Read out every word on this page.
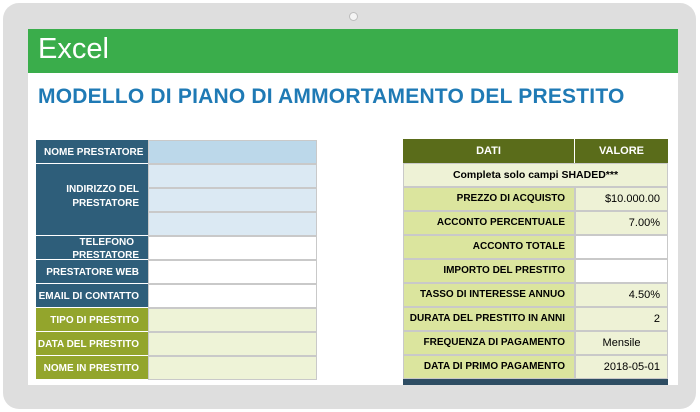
Excel
MODELLO DI PIANO DI AMMORTAMENTO DEL PRESTITO
NOME PRESTATORE
INDIRIZZO DEL
PRESTATORE
TELEFONO
PRESTATORE
PRESTATORE WEB
EMAIL DI CONTATTO
TIPO DI PRESTITO
DATA DEL PRESTITO
NOME IN PRESTITO
DATI	VALORE
Completa solo campi SHADED***
PREZZO DI ACQUISTO	$10.000.00
ACCONTO PERCENTUALE	7.00%
ACCONTO TOTALE
IMPORTO DEL PRESTITO
TASSO DI INTERESSE ANNUO	4.50%
DURATA DEL PRESTITO IN ANNI	2
FREQUENZA DI PAGAMENTO	Mensile
DATA DI PRIMO PAGAMENTO	2018-05-01
